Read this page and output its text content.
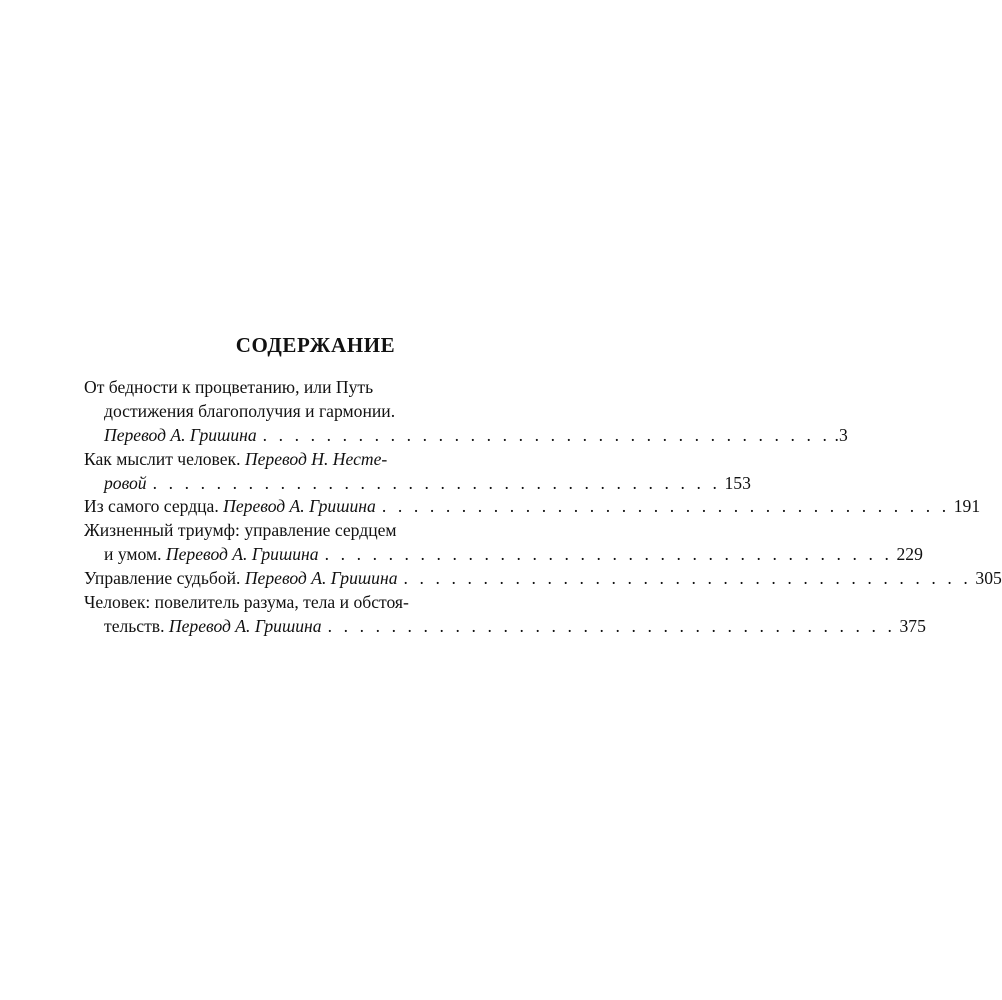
СОДЕРЖАНИЕ
От бедности к процветанию, или Путь
достижения благополучия и гармонии.
Перевод А. Гришина . . . . . . . . . . . . . . . . . . . . . . . . . . . . . . . . . . . . .3
Как мыслит человек. Перевод Н. Несте-
ровой . . . . . . . . . . . . . . . . . . . . . . . . . . . . . . . . . . . . 153
Из самого сердца. Перевод А. Гришина . . . . . . . . . . . . . . . . . . . . . . . . . . . . . . . . . . . . 191
Жизненный триумф: управление сердцем
и умом. Перевод А. Гришина . . . . . . . . . . . . . . . . . . . . . . . . . . . . . . . . . . . . 229
Управление судьбой. Перевод А. Гришина . . . . . . . . . . . . . . . . . . . . . . . . . . . . . . . . . . . . 305
Человек: повелитель разума, тела и обстоя-
тельств. Перевод А. Гришина . . . . . . . . . . . . . . . . . . . . . . . . . . . . . . . . . . . . 375
